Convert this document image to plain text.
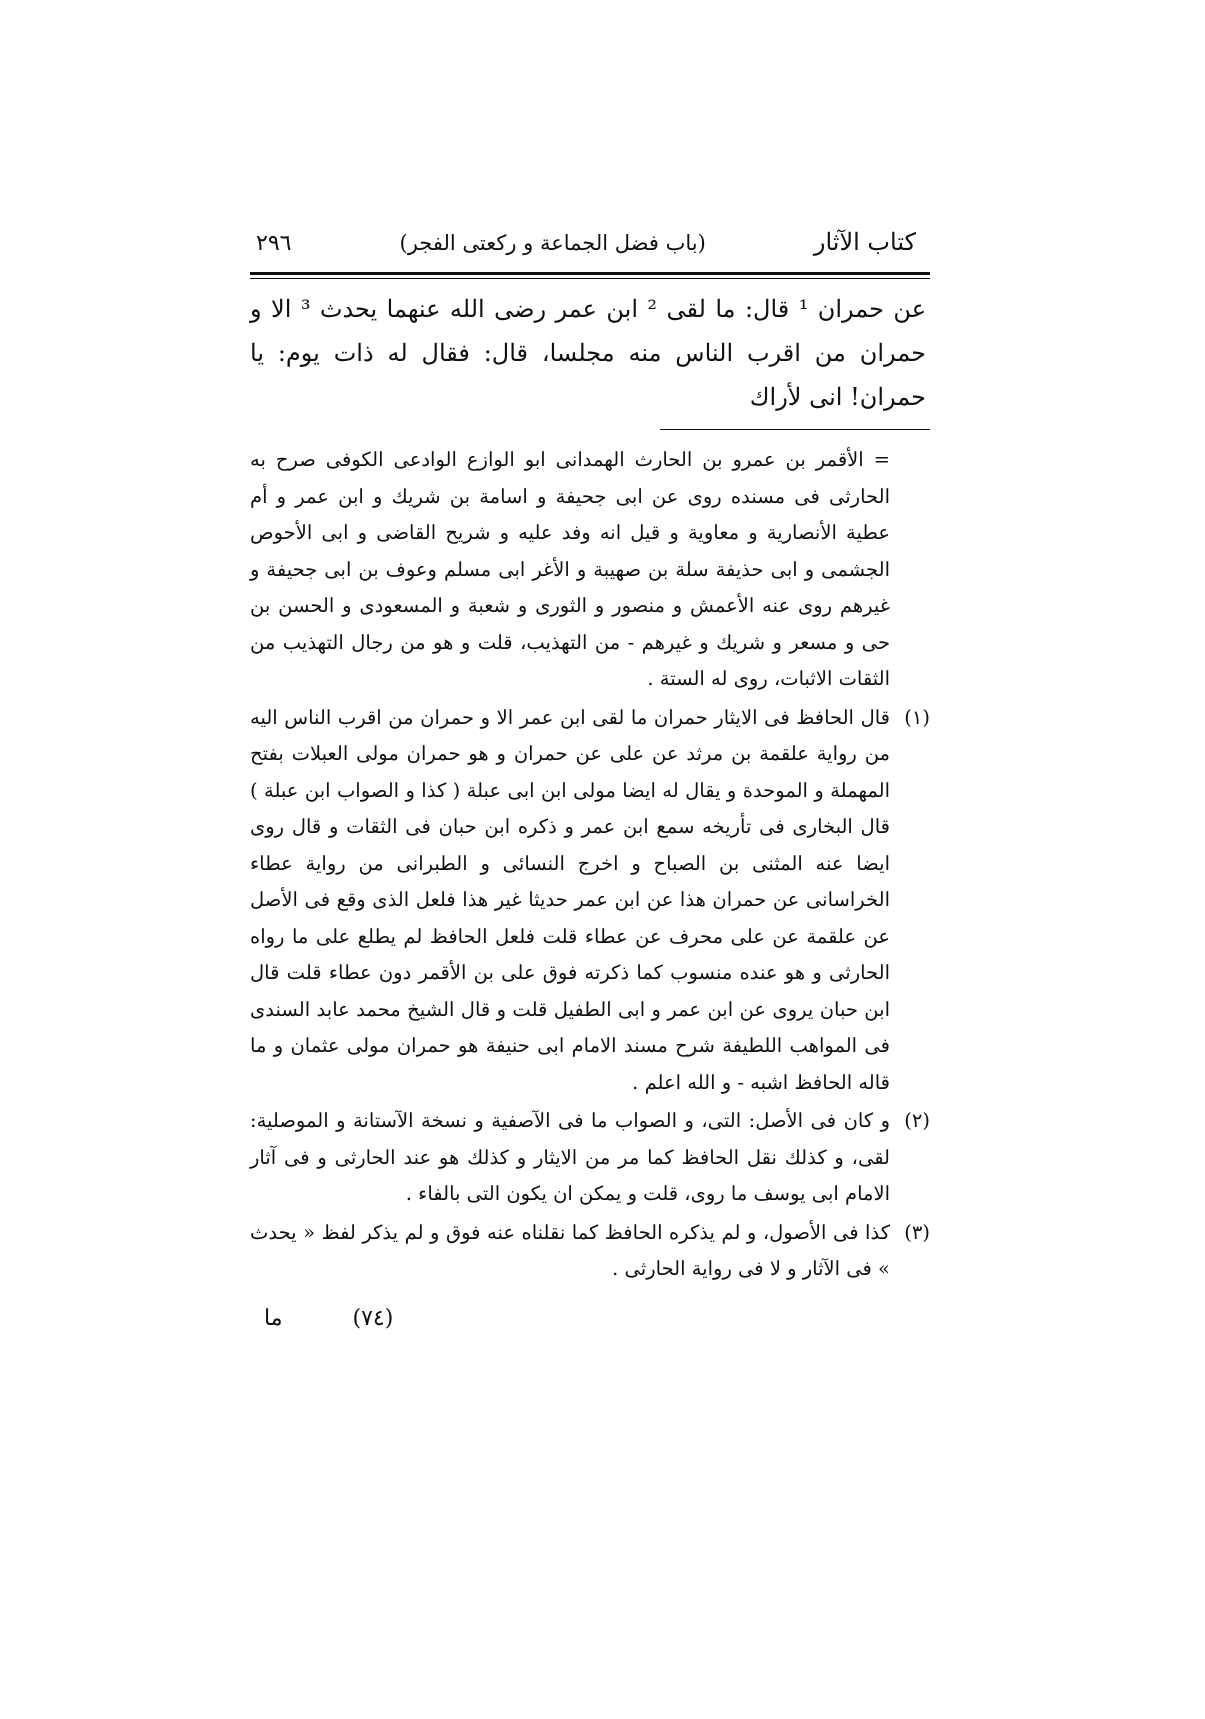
كتاب الآثار
(باب فضل الجماعة و ركعتى الفجر)
٢٩٦
عن حمران ¹ قال: ما لقى ² ابن عمر رضى الله عنهما يحدث ³ الا و حمران من اقرب الناس منه مجلسا، قال: فقال له ذات يوم: يا حمران! انى لأراك
= الأقمر بن عمرو بن الحارث الهمدانى ابو الوازع الوادعى الكوفى صرح به الحارثى فى مسنده روى عن ابى جحيفة و اسامة بن شريك و ابن عمر و أم عطية الأنصارية و معاوية و قيل انه وفد عليه و شريح القاضى و ابى الأحوص الجشمى و ابى حذيفة سلة بن صهيبة و الأغر ابى مسلم وعوف بن ابى جحيفة و غيرهم روى عنه الأعمش و منصور و الثورى و شعبة و المسعودى و الحسن بن حى و مسعر و شريك و غيرهم - من التهذيب، قلت و هو من رجال التهذيب من الثقات الاثبات، روى له الستة .
(١)
قال الحافظ فى الايثار حمران ما لقى ابن عمر الا و حمران من اقرب الناس اليه من رواية علقمة بن مرثد عن على عن حمران و هو حمران مولى العبلات بفتح المهملة و الموحدة و يقال له ايضا مولى ابن ابى عبلة ( كذا و الصواب ابن عبلة ) قال البخارى فى تأريخه سمع ابن عمر و ذكره ابن حبان فى الثقات و قال روى ايضا عنه المثنى بن الصباح و اخرج النسائى و الطبرانى من رواية عطاء الخراسانى عن حمران هذا عن ابن عمر حديثا غير هذا فلعل الذى وقع فى الأصل عن علقمة عن على محرف عن عطاء قلت فلعل الحافظ لم يطلع على ما رواه الحارثى و هو عنده منسوب كما ذكرته فوق على بن الأقمر دون عطاء قلت قال ابن حبان يروى عن ابن عمر و ابى الطفيل قلت و قال الشيخ محمد عابد السندى فى المواهب اللطيفة شرح مسند الامام ابى حنيفة هو حمران مولى عثمان و ما قاله الحافظ اشبه - و الله اعلم .
(٢)
و كان فى الأصل: التى، و الصواب ما فى الآصفية و نسخة الآستانة و الموصلية: لقى، و كذلك نقل الحافظ كما مر من الايثار و كذلك هو عند الحارثى و فى آثار الامام ابى يوسف ما روى، قلت و يمكن ان يكون التى بالفاء .
(٣)
كذا فى الأصول، و لم يذكره الحافظ كما نقلناه عنه فوق و لم يذكر لفظ « يحدث » فى الآثار و لا فى رواية الحارثى .
ما	(٧٤)
